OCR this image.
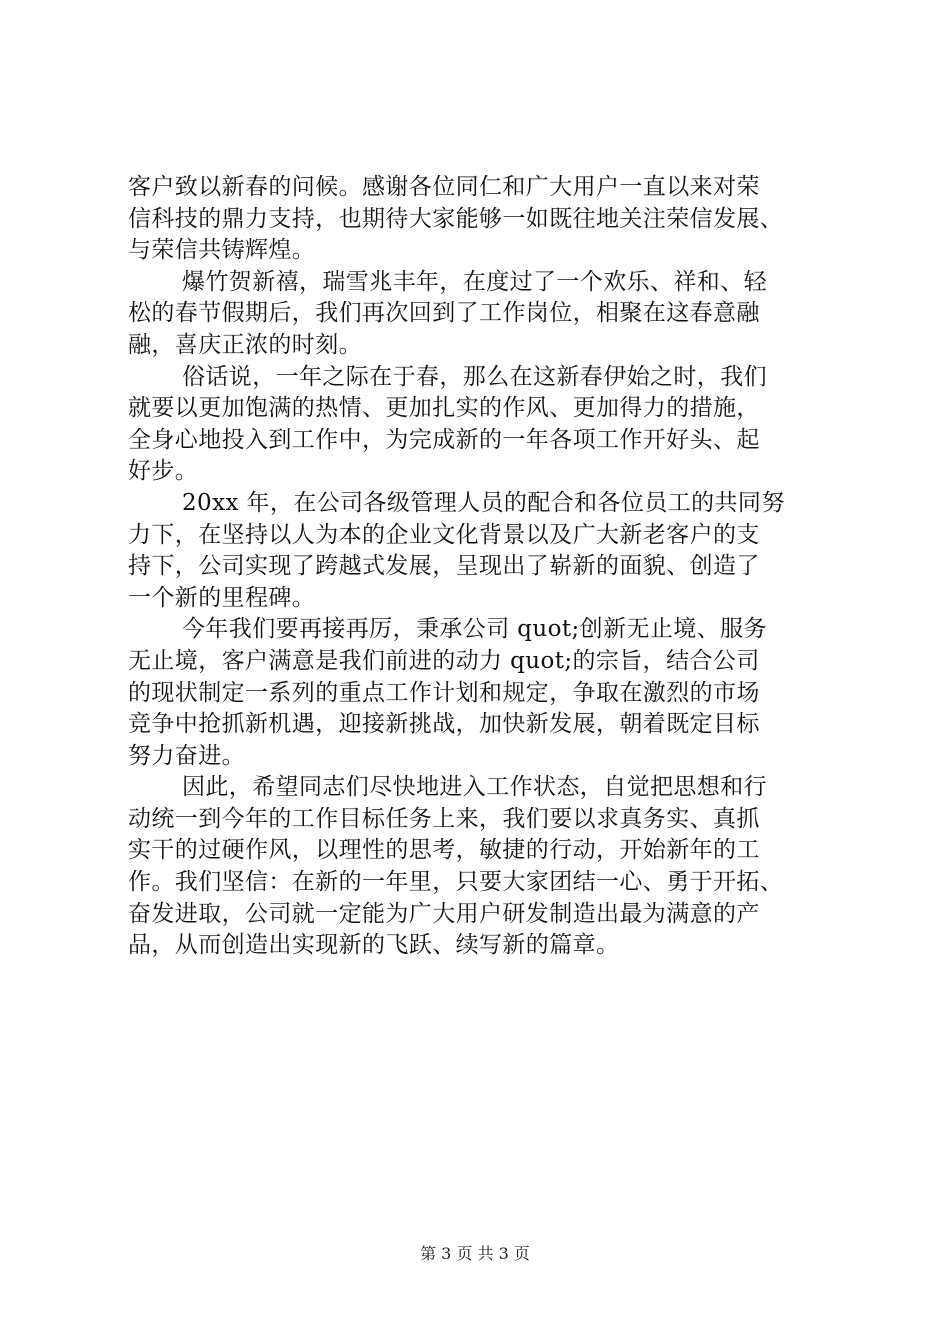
客户致以新春的问候。感谢各位同仁和广大用户一直以来对荣
信科技的鼎力支持，也期待大家能够一如既往地关注荣信发展、
与荣信共铸辉煌。
爆竹贺新禧，瑞雪兆丰年，在度过了一个欢乐、祥和、轻
松的春节假期后，我们再次回到了工作岗位，相聚在这春意融
融，喜庆正浓的时刻。
俗话说，一年之际在于春，那么在这新春伊始之时，我们
就要以更加饱满的热情、更加扎实的作风、更加得力的措施，
全身心地投入到工作中，为完成新的一年各项工作开好头、起
好步。
20xx 年，在公司各级管理人员的配合和各位员工的共同努
力下，在坚持以人为本的企业文化背景以及广大新老客户的支
持下，公司实现了跨越式发展，呈现出了崭新的面貌、创造了
一个新的里程碑。
今年我们要再接再厉，秉承公司 quot;创新无止境、服务
无止境，客户满意是我们前进的动力 quot;的宗旨，结合公司
的现状制定一系列的重点工作计划和规定，争取在激烈的市场
竞争中抢抓新机遇，迎接新挑战，加快新发展，朝着既定目标
努力奋进。
因此，希望同志们尽快地进入工作状态，自觉把思想和行
动统一到今年的工作目标任务上来，我们要以求真务实、真抓
实干的过硬作风，以理性的思考，敏捷的行动，开始新年的工
作。我们坚信：在新的一年里，只要大家团结一心、勇于开拓、
奋发进取，公司就一定能为广大用户研发制造出最为满意的产
品，从而创造出实现新的飞跃、续写新的篇章。
第 3 页 共 3 页
